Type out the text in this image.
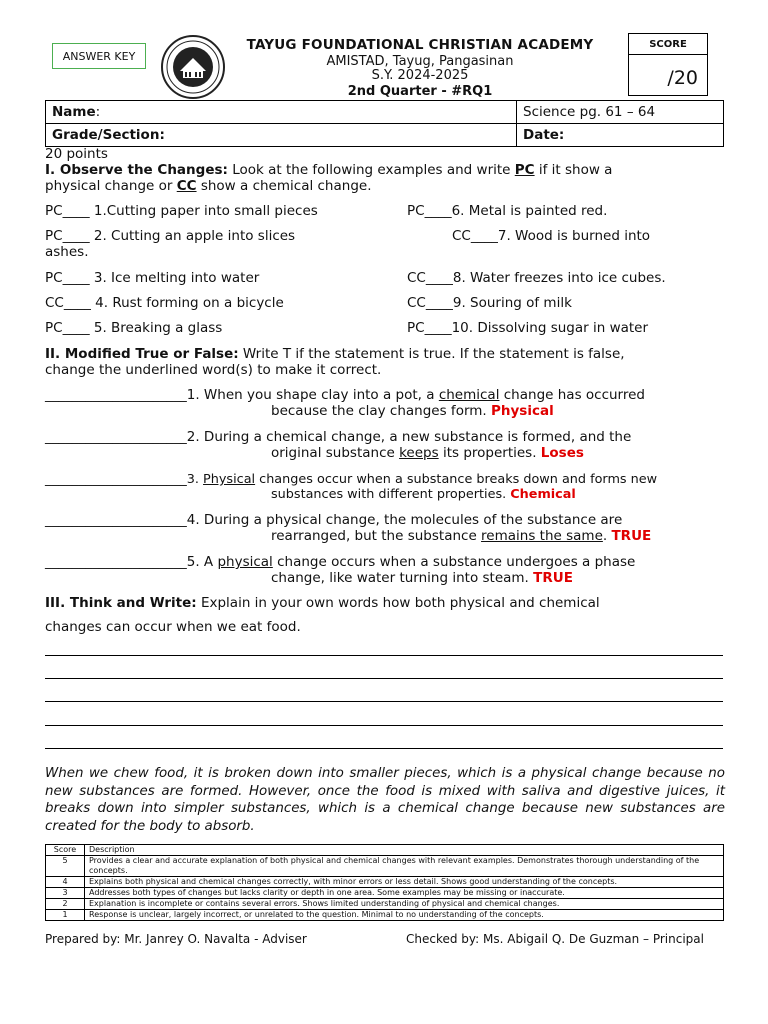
ANSWER KEY
TAYUG FOUNDATIONAL CHRISTIAN ACADEMY
AMISTAD, Tayug, Pangasinan
S.Y. 2024-2025
2nd Quarter - #RQ1
SCORE
/20
Name:	Science pg. 61 – 64
Grade/Section:	Date:
20 points
I. Observe the Changes: Look at the following examples and write PC if it show a
physical change or CC show a chemical change.
PC____ 1.Cutting paper into small pieces	PC____6. Metal is painted red.
PC____ 2. Cutting an apple into slices	CC____7. Wood is burned into
ashes.
PC____ 3. Ice melting into water	CC____8. Water freezes into ice cubes.
CC____ 4. Rust forming on a bicycle	CC____9. Souring of milk
PC____ 5. Breaking a glass	PC____10. Dissolving sugar in water
II. Modified True or False: Write T if the statement is true. If the statement is false,
change the underlined word(s) to make it correct.
_____________________1. When you shape clay into a pot, a chemical change has occurred
because the clay changes form. Physical
_____________________2. During a chemical change, a new substance is formed, and the
original substance keeps its properties. Loses
_____________________3. Physical changes occur when a substance breaks down and forms new
substances with different properties. Chemical
_____________________4. During a physical change, the molecules of the substance are
rearranged, but the substance remains the same. TRUE
_____________________5. A physical change occurs when a substance undergoes a phase
change, like water turning into steam. TRUE
III. Think and Write: Explain in your own words how both physical and chemical
changes can occur when we eat food.
When we chew food, it is broken down into smaller pieces, which is a physical change because no new substances are formed. However, once the food is mixed with saliva and digestive juices, it breaks down into simpler substances, which is a chemical change because new substances are created for the body to absorb.
Score	Description
5	Provides a clear and accurate explanation of both physical and chemical changes with relevant examples. Demonstrates thorough understanding of the concepts.
4	Explains both physical and chemical changes correctly, with minor errors or less detail. Shows good understanding of the concepts.
3	Addresses both types of changes but lacks clarity or depth in one area. Some examples may be missing or inaccurate.
2	Explanation is incomplete or contains several errors. Shows limited understanding of physical and chemical changes.
1	Response is unclear, largely incorrect, or unrelated to the question. Minimal to no understanding of the concepts.
Prepared by: Mr. Janrey O. Navalta - Adviser	Checked by: Ms. Abigail Q. De Guzman – Principal
